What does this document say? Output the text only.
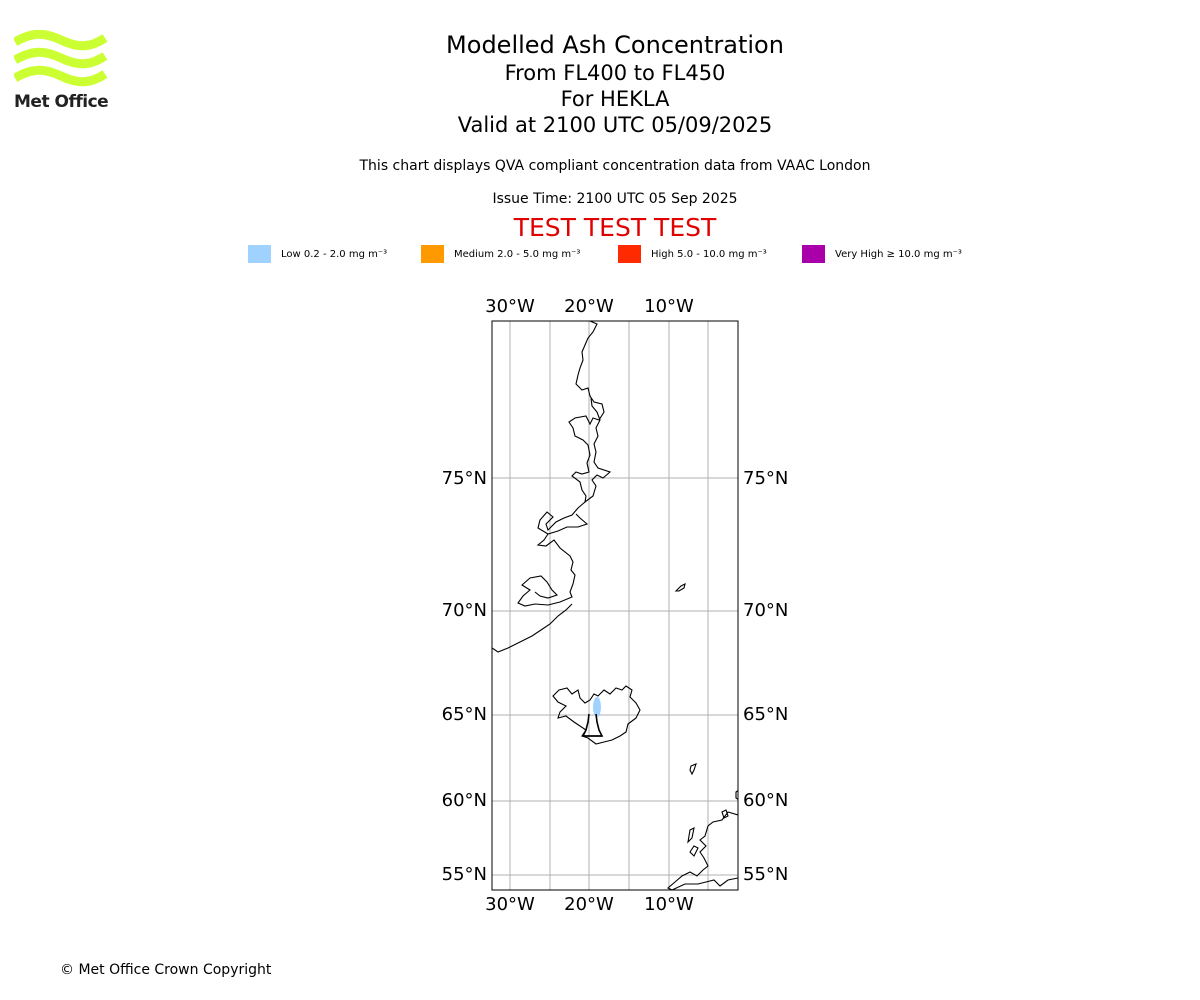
Met Office
Modelled Ash Concentration
From FL400 to FL450
For HEKLA
Valid at 2100 UTC 05/09/2025
This chart displays QVA compliant concentration data from VAAC London
Issue Time: 2100 UTC 05 Sep 2025
TEST TEST TEST
Low 0.2 - 2.0 mg m⁻³	Medium 2.0 - 5.0 mg m⁻³	High 5.0 - 10.0 mg m⁻³	Very High ≥ 10.0 mg m⁻³
30°W 20°W 10°W
30°W 20°W 10°W
75°N
70°N
65°N
60°N
55°N
75°N
70°N
65°N
60°N
55°N
© Met Office Crown Copyright
